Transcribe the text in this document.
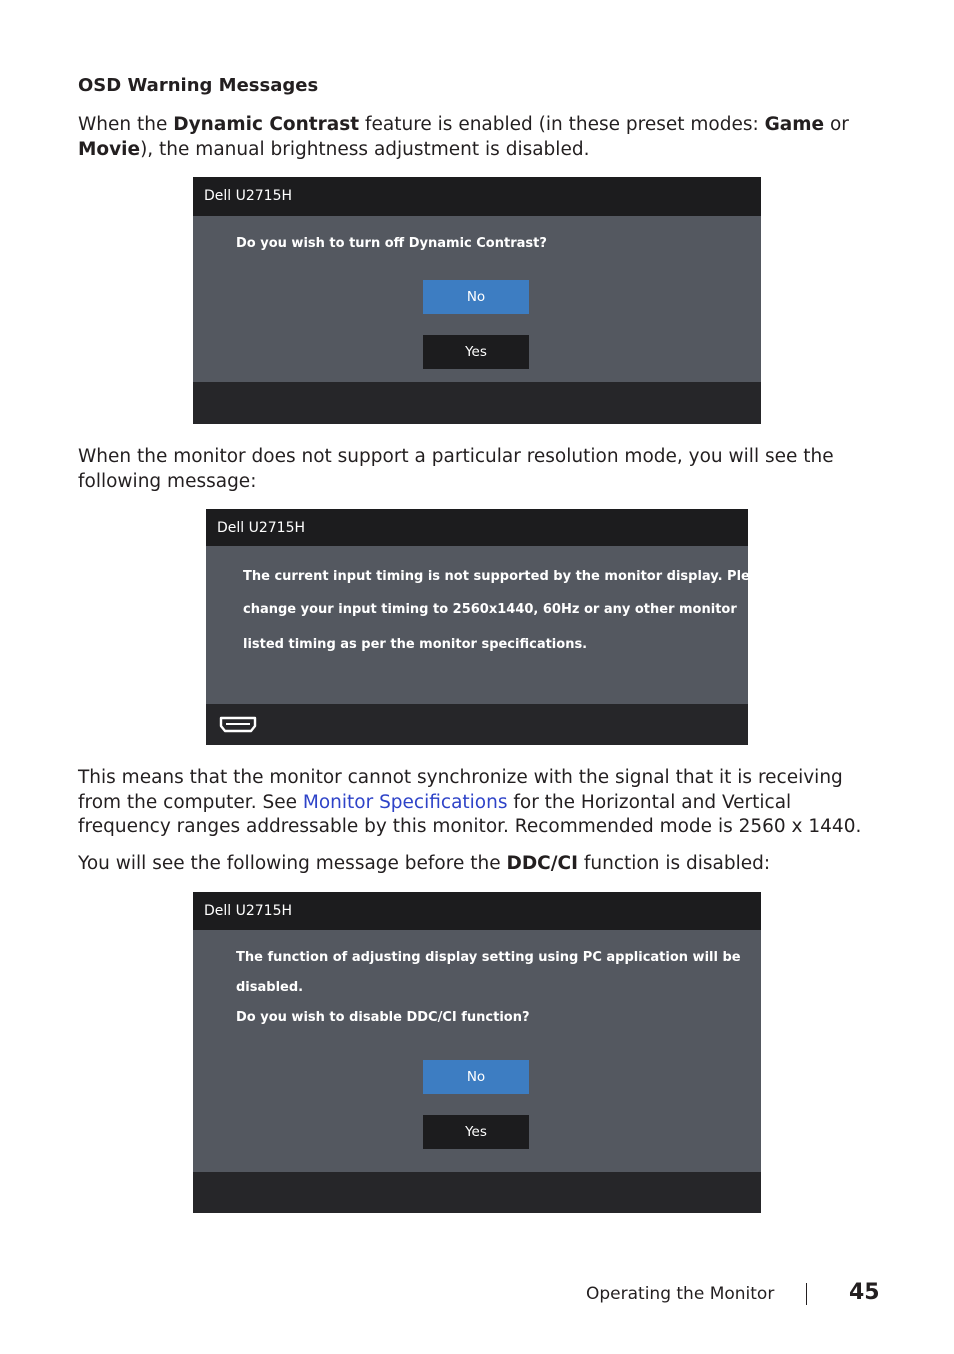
OSD Warning Messages
When the Dynamic Contrast feature is enabled (in these preset modes: Game or Movie), the manual brightness adjustment is disabled.
Dell U2715H
Do you wish to turn off Dynamic Contrast?
No
Yes
When the monitor does not support a particular resolution mode, you will see the following message:
Dell U2715H
The current input timing is not supported by the monitor display. Please
change your input timing to 2560x1440, 60Hz or any other monitor
listed timing as per the monitor specifications.
This means that the monitor cannot synchronize with the signal that it is receiving from the computer. See Monitor Specifications for the Horizontal and Vertical frequency ranges addressable by this monitor. Recommended mode is 2560 x 1440.
You will see the following message before the DDC/CI function is disabled:
Dell U2715H
The function of adjusting display setting using PC application will be
disabled.
Do you wish to disable DDC/CI function?
No
Yes
Operating the Monitor	45
